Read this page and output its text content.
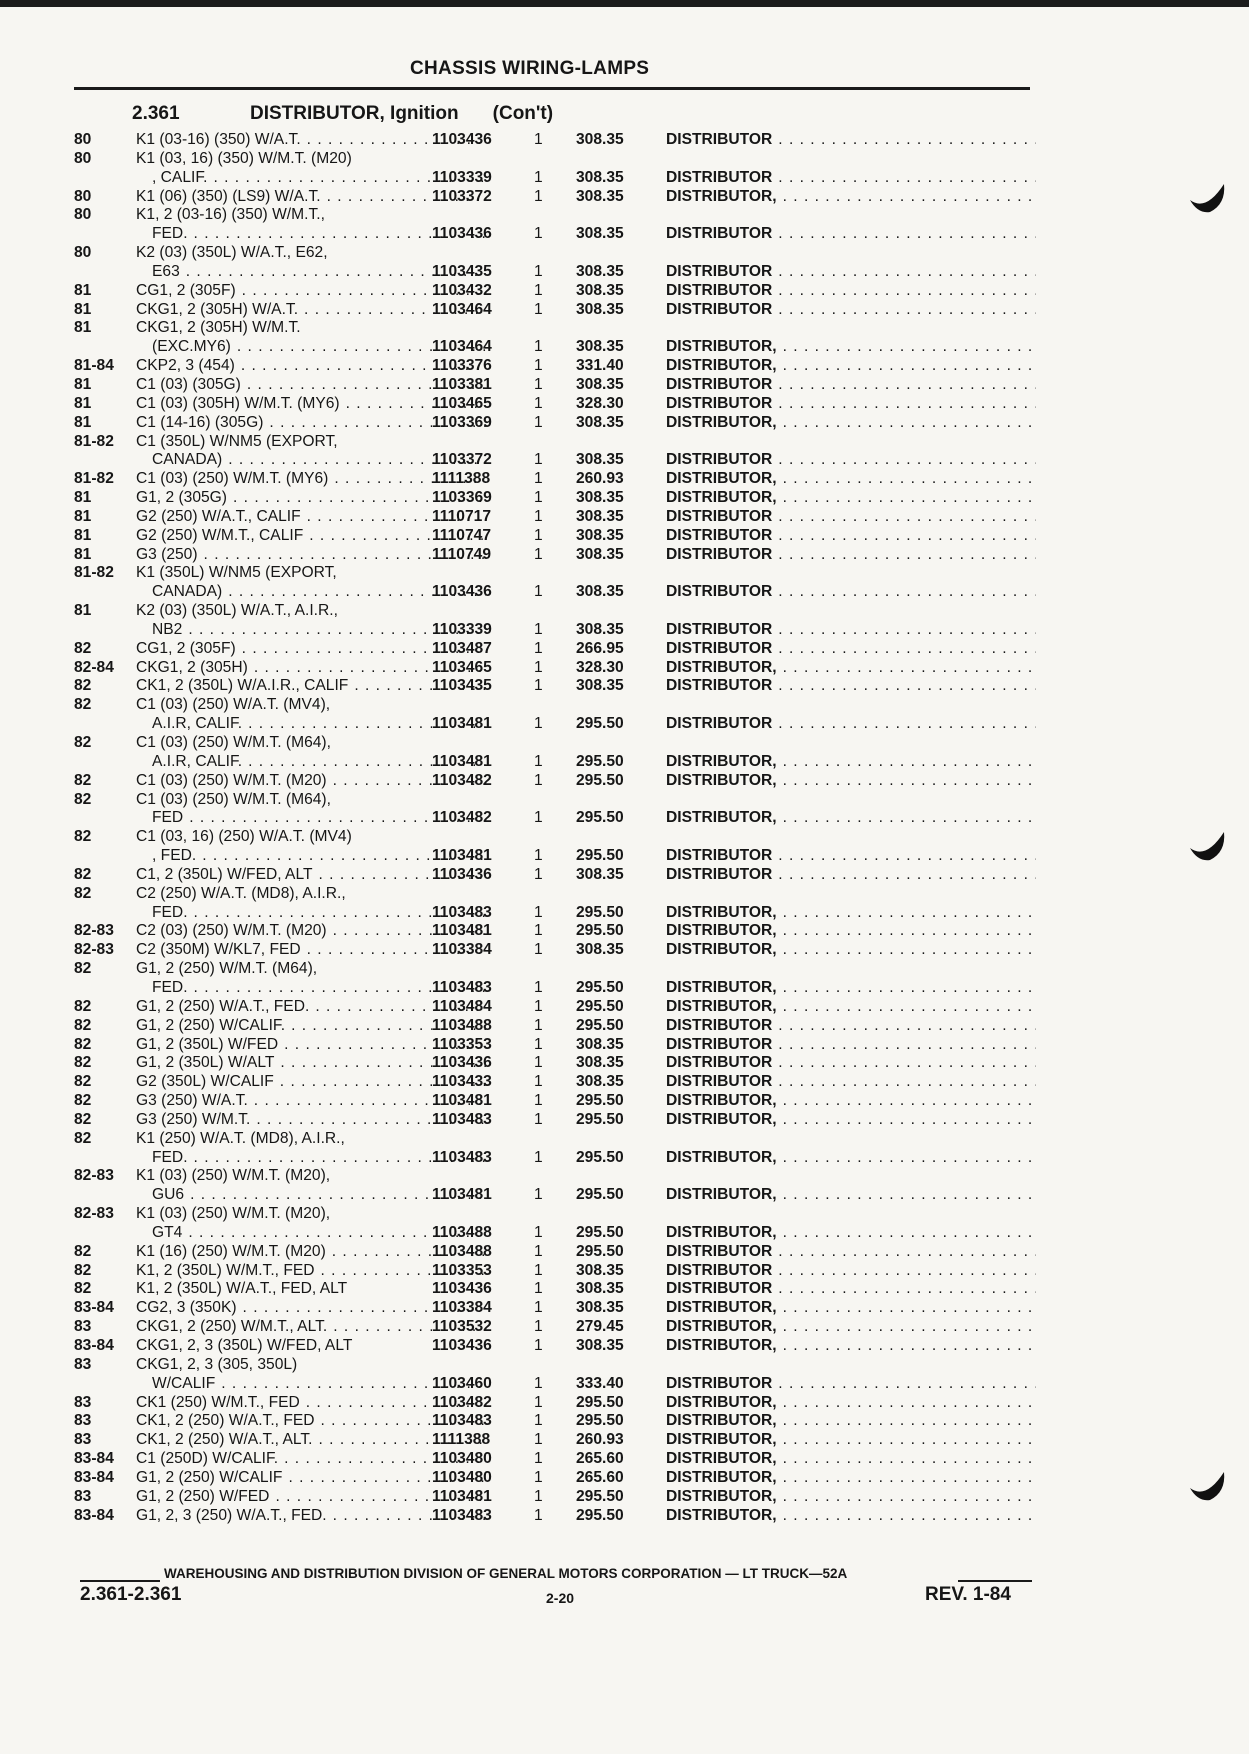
CHASSIS WIRING-LAMPS
2.361	DISTRIBUTOR, Ignition (Con't)
80	K1 (03-16) (350) W/A.T. . . .	1103436	1	308.35	DISTRIBUTOR
. . .
80	K1 (03, 16) (350) W/M.T. (M20)
, CALIF. . . .	1103339	1	308.35	DISTRIBUTOR
. . .
80	K1 (06) (350) (LS9) W/A.T. . . .	1103372	1	308.35	DISTRIBUTOR,
. . .
80	K1, 2 (03-16) (350) W/M.T.,
FED. . . .	1103436	1	308.35	DISTRIBUTOR
. . .
80	K2 (03) (350L) W/A.T., E62,
E63 . . .	1103435	1	308.35	DISTRIBUTOR
. . .
81	CG1, 2 (305F) . . .	1103432	1	308.35	DISTRIBUTOR
. . .
81	CKG1, 2 (305H) W/A.T. . . .	1103464	1	308.35	DISTRIBUTOR
. . .
81	CKG1, 2 (305H) W/M.T.
(EXC.MY6) . . .	1103464	1	308.35	DISTRIBUTOR,
. . .
81-84	CKP2, 3 (454) . . .	1103376	1	331.40	DISTRIBUTOR,
. . .
81	C1 (03) (305G) . . .	1103381	1	308.35	DISTRIBUTOR
. . .
81	C1 (03) (305H) W/M.T. (MY6) . . .	1103465	1	328.30	DISTRIBUTOR
. . .
81	C1 (14-16) (305G) . . .	1103369	1	308.35	DISTRIBUTOR,
. . .
81-82	C1 (350L) W/NM5 (EXPORT,
CANADA) . . .	1103372	1	308.35	DISTRIBUTOR
. . .
81-82	C1 (03) (250) W/M.T. (MY6) . . .	1111388	1	260.93	DISTRIBUTOR,
. . .
81	G1, 2 (305G) . . .	1103369	1	308.35	DISTRIBUTOR,
. . .
81	G2 (250) W/A.T., CALIF . . .	1110717	1	308.35	DISTRIBUTOR
. . .
81	G2 (250) W/M.T., CALIF . . .	1110747	1	308.35	DISTRIBUTOR
. . .
81	G3 (250) . . .	1110749	1	308.35	DISTRIBUTOR
. . .
81-82	K1 (350L) W/NM5 (EXPORT,
CANADA) . . .	1103436	1	308.35	DISTRIBUTOR
. . .
81	K2 (03) (350L) W/A.T., A.I.R.,
NB2 . . .	1103339	1	308.35	DISTRIBUTOR
. . .
82	CG1, 2 (305F) . . .	1103487	1	266.95	DISTRIBUTOR
. . .
82-84	CKG1, 2 (305H) . . .	1103465	1	328.30	DISTRIBUTOR,
. . .
82	CK1, 2 (350L) W/A.I.R., CALIF . . .	1103435	1	308.35	DISTRIBUTOR
. . .
82	C1 (03) (250) W/A.T. (MV4),
A.I.R, CALIF. . . .	1103481	1	295.50	DISTRIBUTOR
. . .
82	C1 (03) (250) W/M.T. (M64),
A.I.R, CALIF. . . .	1103481	1	295.50	DISTRIBUTOR,
. . .
82	C1 (03) (250) W/M.T. (M20) . . .	1103482	1	295.50	DISTRIBUTOR,
. . .
82	C1 (03) (250) W/M.T. (M64),
FED . . .	1103482	1	295.50	DISTRIBUTOR,
. . .
82	C1 (03, 16) (250) W/A.T. (MV4)
, FED. . . .	1103481	1	295.50	DISTRIBUTOR
. . .
82	C1, 2 (350L) W/FED, ALT . . .	1103436	1	308.35	DISTRIBUTOR
. . .
82	C2 (250) W/A.T. (MD8), A.I.R.,
FED. . . .	1103483	1	295.50	DISTRIBUTOR,
. . .
82-83	C2 (03) (250) W/M.T. (M20) . . .	1103481	1	295.50	DISTRIBUTOR,
. . .
82-83	C2 (350M) W/KL7, FED . . .	1103384	1	308.35	DISTRIBUTOR,
. . .
82	G1, 2 (250) W/M.T. (M64),
FED. . . .	1103483	1	295.50	DISTRIBUTOR,
. . .
82	G1, 2 (250) W/A.T., FED. . . .	1103484	1	295.50	DISTRIBUTOR,
. . .
82	G1, 2 (250) W/CALIF. . . .	1103488	1	295.50	DISTRIBUTOR
. . .
82	G1, 2 (350L) W/FED . . .	1103353	1	308.35	DISTRIBUTOR
. . .
82	G1, 2 (350L) W/ALT . . .	1103436	1	308.35	DISTRIBUTOR
. . .
82	G2 (350L) W/CALIF . . .	1103433	1	308.35	DISTRIBUTOR
. . .
82	G3 (250) W/A.T. . . .	1103481	1	295.50	DISTRIBUTOR,
. . .
82	G3 (250) W/M.T. . . .	1103483	1	295.50	DISTRIBUTOR,
. . .
82	K1 (250) W/A.T. (MD8), A.I.R.,
FED. . . .	1103483	1	295.50	DISTRIBUTOR,
. . .
82-83	K1 (03) (250) W/M.T. (M20),
GU6 . . .	1103481	1	295.50	DISTRIBUTOR,
. . .
82-83	K1 (03) (250) W/M.T. (M20),
GT4 . . .	1103488	1	295.50	DISTRIBUTOR,
. . .
82	K1 (16) (250) W/M.T. (M20) . . .	1103488	1	295.50	DISTRIBUTOR
. . .
82	K1, 2 (350L) W/M.T., FED . . .	1103353	1	308.35	DISTRIBUTOR
. . .
82	K1, 2 (350L) W/A.T., FED, ALT	1103436	1	308.35	DISTRIBUTOR
. . .
83-84	CG2, 3 (350K) . . .	1103384	1	308.35	DISTRIBUTOR,
. . .
83	CKG1, 2 (250) W/M.T., ALT. . . .	1103532	1	279.45	DISTRIBUTOR,
. . .
83-84	CKG1, 2, 3 (350L) W/FED, ALT	1103436	1	308.35	DISTRIBUTOR,
. . .
83	CKG1, 2, 3 (305, 350L)
W/CALIF . . .	1103460	1	333.40	DISTRIBUTOR
. . .
83	CK1 (250) W/M.T., FED . . .	1103482	1	295.50	DISTRIBUTOR,
. . .
83	CK1, 2 (250) W/A.T., FED . . .	1103483	1	295.50	DISTRIBUTOR,
. . .
83	CK1, 2 (250) W/A.T., ALT. . . .	1111388	1	260.93	DISTRIBUTOR,
. . .
83-84	C1 (250D) W/CALIF. . . .	1103480	1	265.60	DISTRIBUTOR,
. . .
83-84	G1, 2 (250) W/CALIF . . .	1103480	1	265.60	DISTRIBUTOR,
. . .
83	G1, 2 (250) W/FED . . .	1103481	1	295.50	DISTRIBUTOR,
. . .
83-84	G1, 2, 3 (250) W/A.T., FED. . . .	1103483	1	295.50	DISTRIBUTOR,
. . .
WAREHOUSING AND DISTRIBUTION DIVISION OF GENERAL MOTORS CORPORATION — LT TRUCK—52A
2.361-2.361	2-20	REV. 1-84
